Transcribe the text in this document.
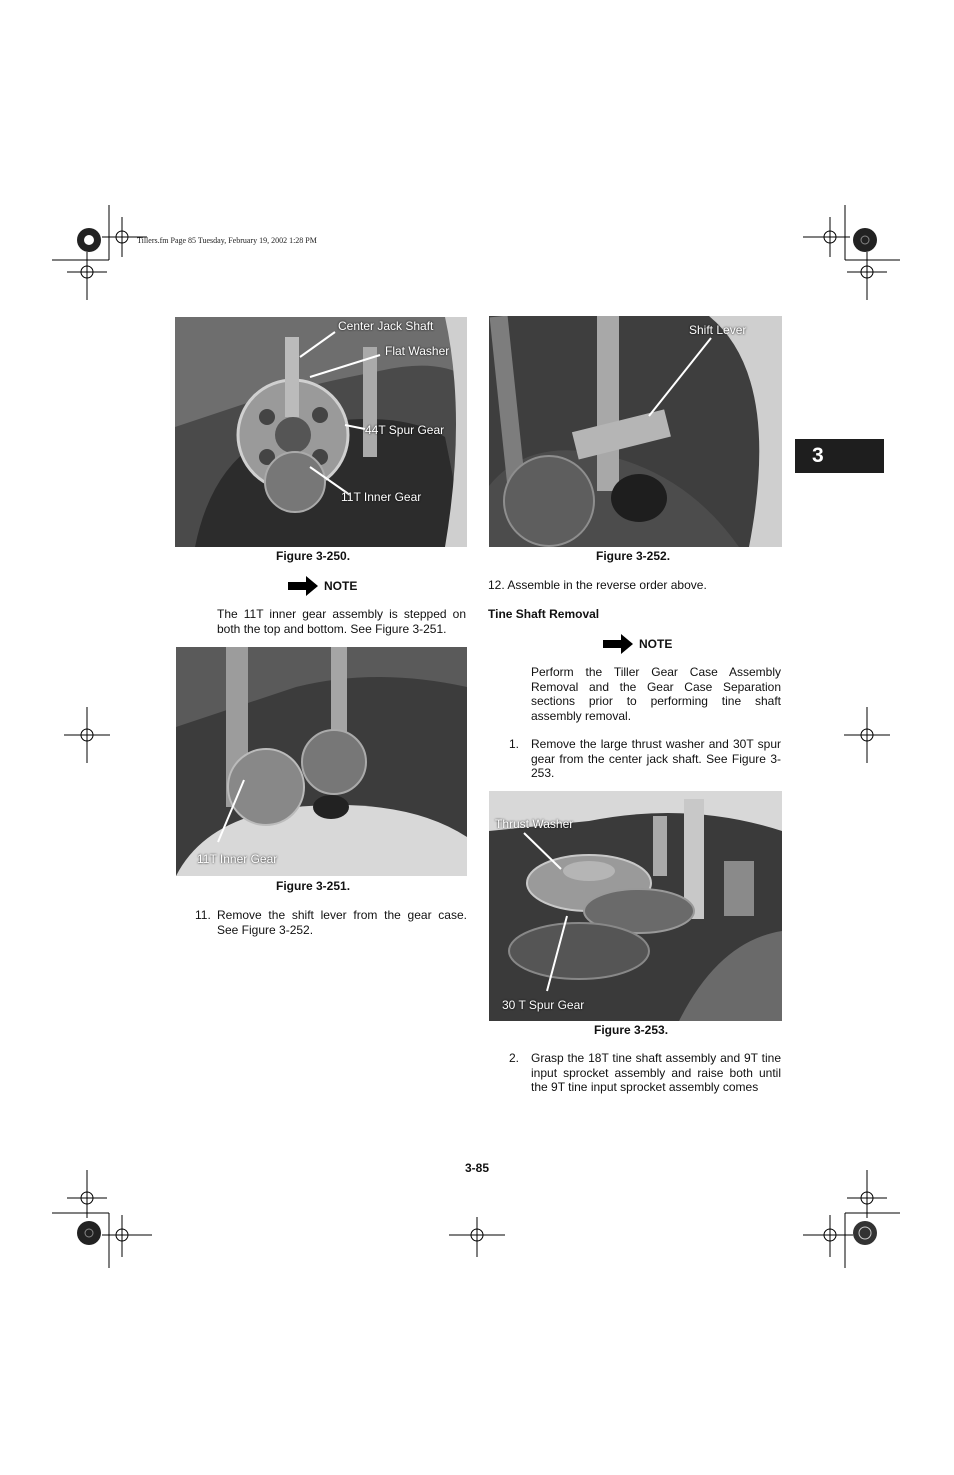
Tillers.fm Page 85 Tuesday, February 19, 2002 1:28 PM
3
Center Jack Shaft
Flat Washer
44T Spur Gear
11T Inner Gear
Figure 3-250.
NOTE
The 11T inner gear assembly is stepped on both the top and bottom. See Figure 3-251.
11T Inner Gear
Figure 3-251.
11. Remove the shift lever from the gear case. See Figure 3-252.
Shift Lever
Figure 3-252.
12. Assemble in the reverse order above.
Tine Shaft Removal
NOTE
Perform the Tiller Gear Case Assembly Removal and the Gear Case Separation sections prior to performing tine shaft assembly removal.
1. Remove the large thrust washer and 30T spur gear from the center jack shaft. See Figure 3-253.
Thrust Washer
30 T Spur Gear
Figure 3-253.
2. Grasp the 18T tine shaft assembly and 9T tine input sprocket assembly and raise both until the 9T tine input sprocket assembly comes
3-85
